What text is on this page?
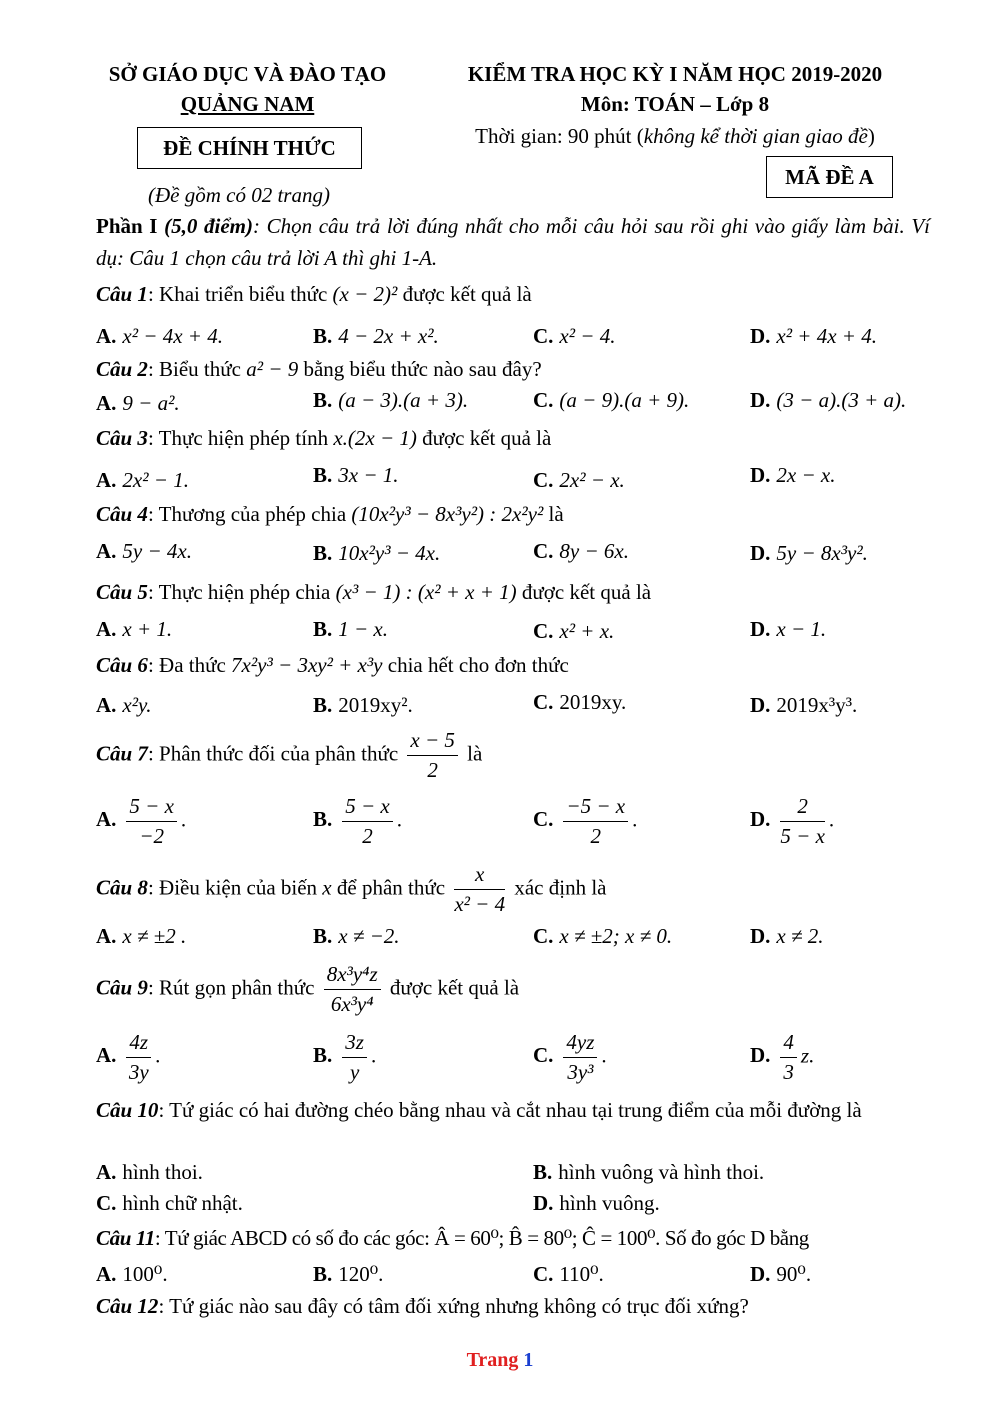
SỞ GIÁO DỤC VÀ ĐÀO TẠO
QUẢNG NAM
ĐỀ CHÍNH THỨC
(Đề gồm có 02 trang)
KIỂM TRA HỌC KỲ I NĂM HỌC 2019-2020
Môn: TOÁN – Lớp 8
Thời gian: 90 phút (không kể thời gian giao đề)
MÃ ĐỀ A
Phần I (5,0 điểm): Chọn câu trả lời đúng nhất cho mỗi câu hỏi sau rồi ghi vào giấy làm bài. Ví dụ: Câu 1 chọn câu trả lời A thì ghi 1-A.
Câu 1: Khai triển biểu thức (x − 2)² được kết quả là
A. x² − 4x + 4.	B. 4 − 2x + x².	C. x² − 4.	D. x² + 4x + 4.
Câu 2: Biểu thức a² − 9 bằng biểu thức nào sau đây?
A. 9 − a².	B. (a − 3).(a + 3).	C. (a − 9).(a + 9).	D. (3 − a).(3 + a).
Câu 3: Thực hiện phép tính x.(2x − 1) được kết quả là
A. 2x² − 1.	B. 3x − 1.	C. 2x² − x.	D. 2x − x.
Câu 4: Thương của phép chia (10x²y³ − 8x³y²) : 2x²y² là
A. 5y − 4x.	B. 10x²y³ − 4x.	C. 8y − 6x.	D. 5y − 8x³y².
Câu 5: Thực hiện phép chia (x³ − 1) : (x² + x + 1) được kết quả là
A. x + 1.	B. 1 − x.	C. x² + x.	D. x − 1.
Câu 6: Đa thức 7x²y³ − 3xy² + x³y chia hết cho đơn thức
A. x²y.	B. 2019xy².	C. 2019xy.	D. 2019x³y³.
Câu 7: Phân thức đối của phân thức $\frac{x - 5}{2}$ là
A. $\frac{5 - x}{-2}$ .	B. $\frac{5 - x}{2}$ .	C. $\frac{-5 - x}{2}$ .	D. $\frac{2}{5 - x}$ .
Câu 8: Điều kiện của biến x để phân thức $\frac{x}{\text{x² − 4}}$ xác định là
A. x ≠ ±2 .	B. x ≠ −2.	C. x ≠ ±2; x ≠ 0.	D. x ≠ 2.
Câu 9: Rút gọn phân thức $\frac{\text{8x³y⁴z}}{\text{6x³y⁴}}$ được kết quả là
A. $\frac{4z}{3y}$ .	B. $\frac{3z}{y}$ .	C. $\frac{4yz}{\text{3y³}}$ .	D. $\frac{4}{3} z$.
Câu 10: Tứ giác có hai đường chéo bằng nhau và cắt nhau tại trung điểm của mỗi đường là
A. hình thoi.	B. hình vuông và hình thoi.
C. hình chữ nhật.	D. hình vuông.
Câu 11: Tứ giác ABCD có số đo các góc: Â = 60⁰; B̂ = 80⁰; Ĉ = 100⁰. Số đo góc D bằng
A. 100⁰.	B. 120⁰.	C. 110⁰.	D. 90⁰.
Câu 12: Tứ giác nào sau đây có tâm đối xứng nhưng không có trục đối xứng?
Trang 1
